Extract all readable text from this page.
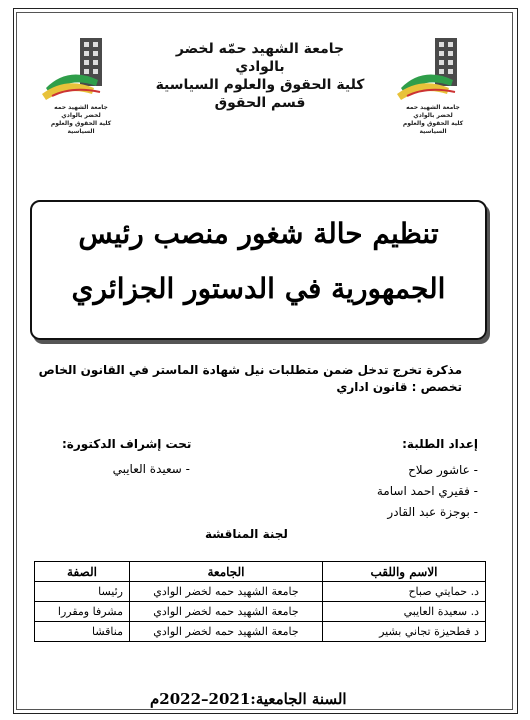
جامعة الشهيد حمه لخضر بالوادي
كلية الحقوق والعلوم السياسية
جامعة الشهيد حمه لخضر بالوادي
كلية الحقوق والعلوم السياسية
جامعة الشهيد حمّه لخضر بالوادي
كلية الحقوق والعلوم السياسية
قسم الحقوق
تنظيم حالة شغور منصب رئيس
الجمهورية في الدستور الجزائري
مذكرة تخرج تدخل ضمن متطلبات نيل شهادة الماستر في القانون الخاص
تخصص : قانون اداري
إعداد الطلبة:
تحت إشراف الدكتورة:
- عاشور صلاح
- فقيري احمد اسامة
- بوجزة عبد القادر
- سعيدة العايبي
لجنة المناقشة
الاسم واللقب	الجامعة	الصفة
د. حمايتي صباح	جامعة الشهيد حمه لخضر الوادي	رئيسا
د. سعيدة العايبي	جامعة الشهيد حمه لخضر الوادي	مشرفا ومقررا
د فطحيزة تجاني بشير	جامعة الشهيد حمه لخضر الوادي	مناقشا
السنة الجامعية:2021–2022م
